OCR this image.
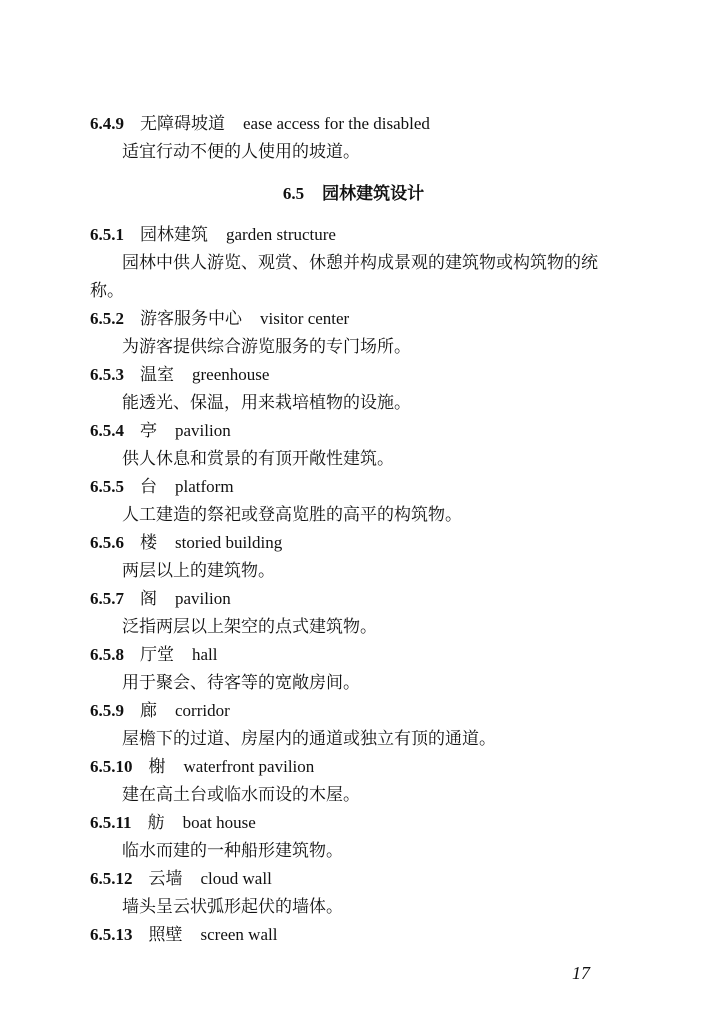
6.4.9 无障碍坡道 ease access for the disabled
适宜行动不便的人使用的坡道。
6.5 园林建筑设计
6.5.1 园林建筑 garden structure
园林中供人游览、观赏、休憩并构成景观的建筑物或构筑物的统称。
6.5.2 游客服务中心 visitor center
为游客提供综合游览服务的专门场所。
6.5.3 温室 greenhouse
能透光、保温，用来栽培植物的设施。
6.5.4 亭 pavilion
供人休息和赏景的有顶开敞性建筑。
6.5.5 台 platform
人工建造的祭祀或登高览胜的高平的构筑物。
6.5.6 楼 storied building
两层以上的建筑物。
6.5.7 阁 pavilion
泛指两层以上架空的点式建筑物。
6.5.8 厅堂 hall
用于聚会、待客等的宽敞房间。
6.5.9 廊 corridor
屋檐下的过道、房屋内的通道或独立有顶的通道。
6.5.10 榭 waterfront pavilion
建在高土台或临水而设的木屋。
6.5.11 舫 boat house
临水而建的一种船形建筑物。
6.5.12 云墙 cloud wall
墙头呈云状弧形起伏的墙体。
6.5.13 照壁 screen wall
17
